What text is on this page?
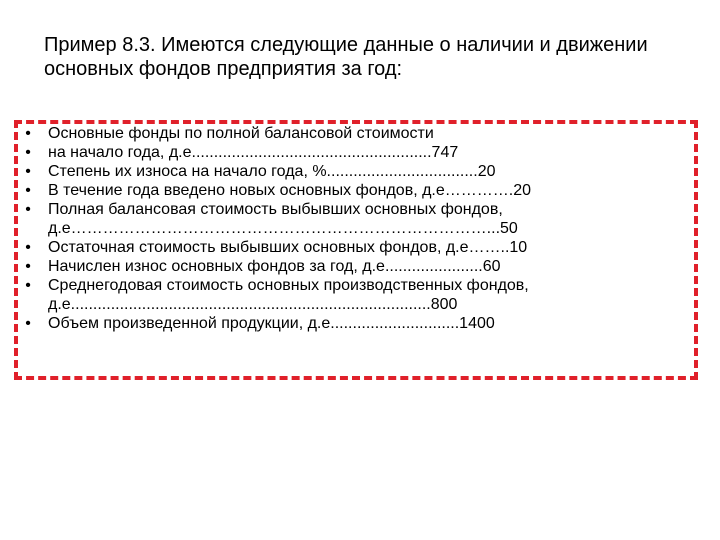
Пример 8.3. Имеются следующие данные о наличии и движении
основных фондов предприятия за год:
• Основные фонды по полной балансовой стоимости
• на начало года, д.е......................................................747
• Степень их износа на начало года, %..................................20
• В течение года введено новых основных фондов, д.е………….20
• Полная балансовая стоимость выбывших основных фондов,
д.е……………………………………………………………………...50
• Остаточная стоимость выбывших основных фондов, д.е……..10
• Начислен износ основных фондов за год, д.е......................60
• Среднегодовая стоимость основных производственных фондов,
д.е.................................................................................800
• Объем произведенной продукции, д.е.............................1400
